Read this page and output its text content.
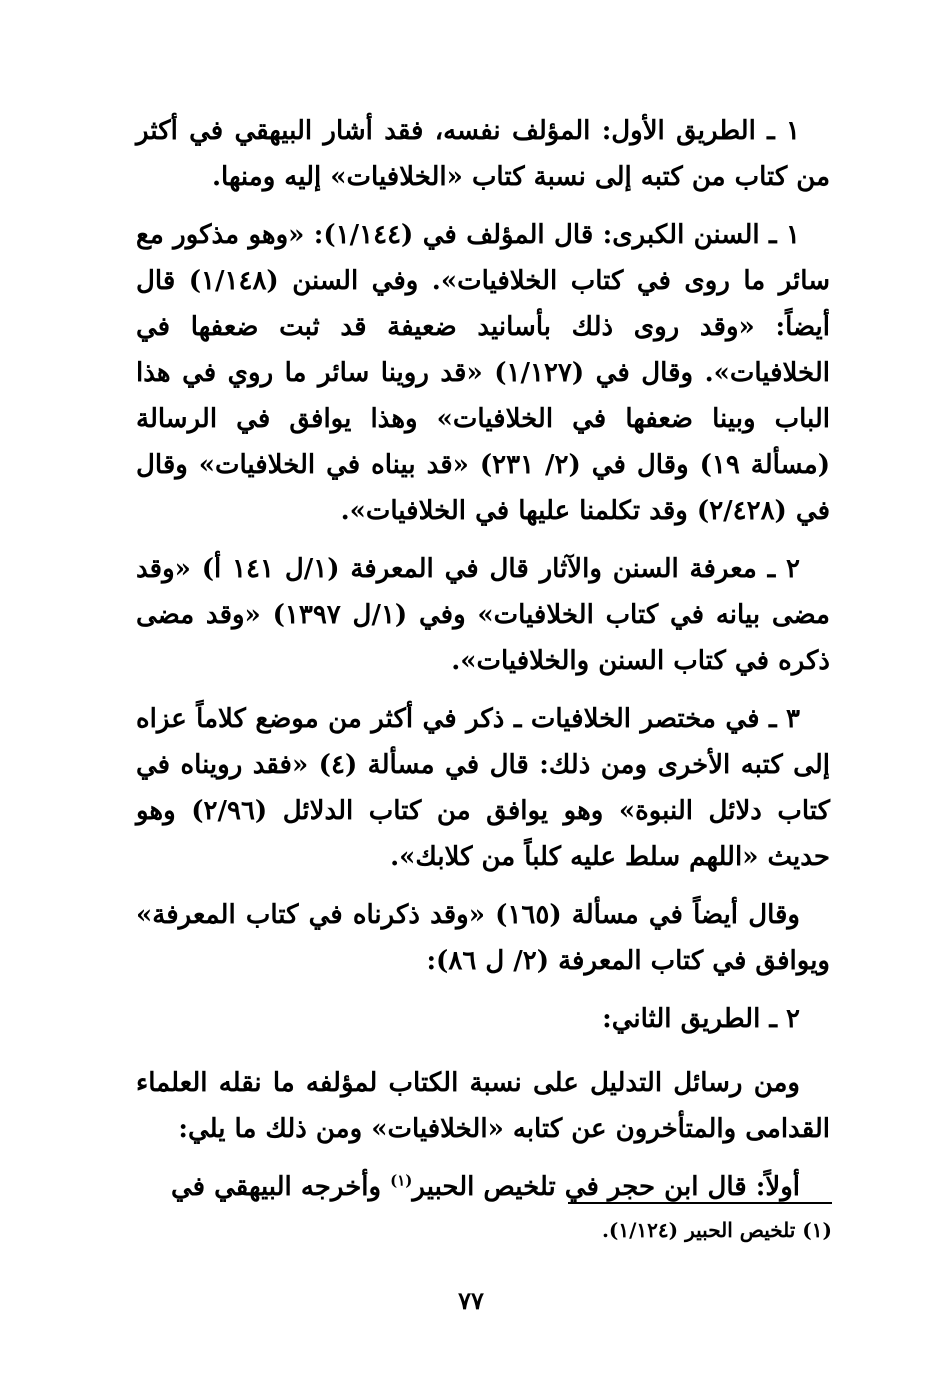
١ ـ الطريق الأول: المؤلف نفسه، فقد أشار البيهقي في أكثر من كتاب من كتبه إلى نسبة كتاب «الخلافيات» إليه ومنها.

١ ـ السنن الكبرى: قال المؤلف في (١/١٤٤): «وهو مذكور مع سائر ما روى في كتاب الخلافيات». وفي السنن (١/١٤٨) قال أيضاً: «وقد روى ذلك بأسانيد ضعيفة قد ثبت ضعفها في الخلافيات». وقال في (١/١٢٧) «قد روينا سائر ما روي في هذا الباب وبينا ضعفها في الخلافيات» وهذا يوافق في الرسالة (مسألة ١٩) وقال في (٢/ ٢٣١) «قد بيناه في الخلافيات» وقال في (٢/٤٢٨) وقد تكلمنا عليها في الخلافيات».

٢ ـ معرفة السنن والآثار قال في المعرفة (١/ل ١٤١ أ) «وقد مضى بيانه في كتاب الخلافيات» وفي (١/ل ١٣٩٧) «وقد مضى ذكره في كتاب السنن والخلافيات».

٣ ـ في مختصر الخلافيات ـ ذكر في أكثر من موضع كلاماً عزاه إلى كتبه الأخرى ومن ذلك: قال في مسألة (٤) «فقد رويناه في كتاب دلائل النبوة» وهو يوافق من كتاب الدلائل (٢/٩٦) وهو حديث «اللهم سلط عليه كلباً من كلابك».

وقال أيضاً في مسألة (١٦٥) «وقد ذكرناه في كتاب المعرفة» ويوافق في كتاب المعرفة (٢/ ل ٨٦):

٢ ـ الطريق الثاني:

ومن رسائل التدليل على نسبة الكتاب لمؤلفه ما نقله العلماء القدامى والمتأخرون عن كتابه «الخلافيات» ومن ذلك ما يلي:

أولاً: قال ابن حجر في تلخيص الحبير$^{(١)}$ وأخرجه البيهقي في

(١) تلخيص الحبير (١/١٢٤).
٧٧
